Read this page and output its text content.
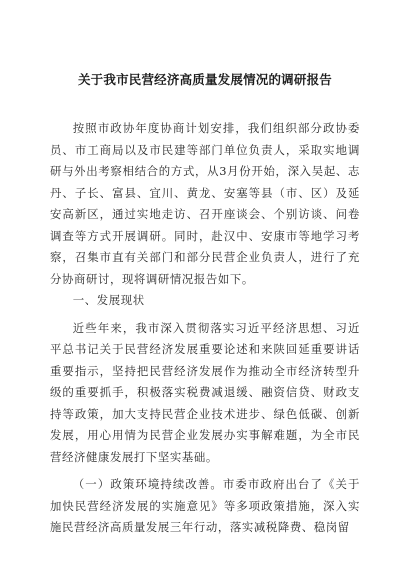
关于我市民营经济高质量发展情况的调研报告

按照市政协年度协商计划安排，我们组织部分政协委员、市工商局以及市民建等部门单位负责人，采取实地调研与外出考察相结合的方式，从3月份开始，深入吴起、志丹、子长、富县、宜川、黄龙、安塞等县（市、区）及延安高新区，通过实地走访、召开座谈会、个别访谈、问卷调查等方式开展调研。同时，赴汉中、安康市等地学习考察，召集市直有关部门和部分民营企业负责人，进行了充分协商研讨，现将调研情况报告如下。

一、发展现状

近些年来，我市深入贯彻落实习近平经济思想、习近平总书记关于民营经济发展重要论述和来陕回延重要讲话重要指示，坚持把民营经济发展作为推动全市经济转型升级的重要抓手，积极落实税费减退缓、融资信贷、财政支持等政策，加大支持民营企业技术进步、绿色低碳、创新发展，用心用情为民营企业发展办实事解难题，为全市民营经济健康发展打下坚实基础。

（一）政策环境持续改善。市委市政府出台了《关于加快民营经济发展的实施意见》等多项政策措施，深入实施民营经济高质量发展三年行动，落实减税降费、稳岗留
